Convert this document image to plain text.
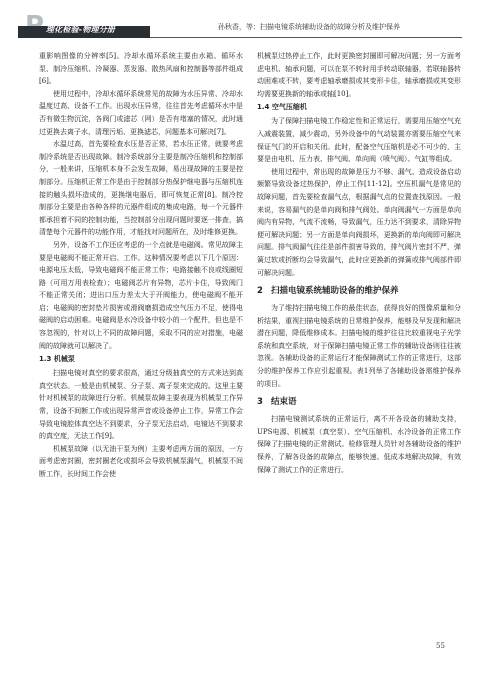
理化检验-物理分册	孙秋香，等：扫描电镜系统辅助设备的故障分析及维护保养

重影响图像的分辨率[5]。冷却水循环系统主要由水箱、循环水泵、制冷压缩机、冷凝器、蒸发器、散热风扇和控制器等部件组成[6]。

使用过程中，冷却水循环系统常见的故障为水压异常、冷却水温度过高、设备不工作。出现水压异常，往往首先考虑循环水中是否有微生物沉淀，各阀门或滤芯（网）是否有堵塞的情况，此时通过更换去离子水、清理污垢、更换滤芯，问题基本可解决[7]。

水温过高，首先要检查水压是否正常，若水压正常，就要考虑制冷系统是否出现故障。制冷系统部分主要是制冷压缩机和控制部分，一般来讲，压缩机本身不会发生故障，易出现故障的主要是控制部分。压缩机正常工作是由于控制部分热保护继电器与压缩机连接的触头损坏造成的，更换继电器后，即可恢复正常[8]。制冷控制部分主要是由各种各样的元器件组成的集成电路，每一个元器件都承担着不同的控制功能，当控制部分出现问题时要逐一排查，搞清楚每个元器件的功能作用，才能找对问题所在，及时维修更换。

另外，设备不工作还应考虑的一个点就是电磁阀。常见故障主要是电磁阀不能正常开启、工作。这种情况要考虑以下几个原因：电源电压太低，导致电磁阀不能正常工作；电路接触不良或线圈短路（可用万用表检查）；电磁阀芯片有异物，芯片卡住，导致阀门不能正常关闭；进出口压力差太大于开阀能力，使电磁阀不能开启；电磁阀的密封垫片损害或滑阀磨损造成空气压力不足，使得电磁阀的启动困难。电磁阀是水冷设备中较小的一个配件，但也是不容忽视的，针对以上不同的故障问题，采取不同的应对措施，电磁阀的故障就可以解决了。

1.3 机械泵

扫描电镜对真空的要求很高，通过分级抽真空的方式来达到高真空状态。一般是由机械泵、分子泵、离子泵来完成的。这里主要针对机械泵的故障进行分析。机械泵故障主要表现为机械泵工作异常，设备不间断工作或出现异常声音或设备停止工作，异常工作会导致电镜腔体真空达不到要求，分子泵无法启动，电镜达不到要求的真空度，无法工作[9]。

机械泵故障（以无油干泵为例）主要考虑两方面的原因，一方面考虑密封圈，密封圈老化或损坏会导致机械泵漏气，机械泵不间断工作，长时间工作会使

机械泵过热停止工作，此时更换密封圈即可解决问题；另一方面考虑电机、轴承问题，可以在泵不转时用手转动联轴器，若联轴器转动困难或不转，要考虑轴承磨损或其变形卡住，轴承磨损或其变形均需要更换新的轴承或轴[10]。

1.4 空气压缩机

为了保障扫描电镜工作稳定性和正常运行，需要用压缩空气充入减震装置，减少震动，另外设备中的气动装置亦需要压缩空气来保证气门的开启和关闭。此时，配备空气压缩机是必不可少的，主要是由电机、压力表、排气阀、单向阀（喷气阀）、气缸等组成。

使用过程中，常出现的故障是压力不够、漏气、造成设备启动频繁导致设备过热保护，停止工作[11-12]。空压机漏气是常见的故障问题，首先要检查漏气点，根据漏气点的位置查找原因。一般来说，容易漏气的是单向阀和排气阀处。单向阀漏气一方面是单向阀内有异物，气流不流畅，导致漏气，压力达不到要求，清除异物便可解决问题；另一方面是单向阀损坏，更换新的单向阀即可解决问题。排气阀漏气往往是部件损害导致的，排气阀片密封不严，弹簧过软或折断均会导致漏气，此时应更换新的弹簧或排气阀部件即可解决问题。

2 扫描电镜系统辅助设备的维护保养

为了维持扫描电镜工作的最佳状态，获得良好的图像质量和分析结果，重视扫描电镜系统的日常维护保养，能够及早发现和解决潜在问题，降低维修成本。扫描电镜的维护往往比较重视电子光学系统和真空系统，对于保障扫描电镜正常工作的辅助设备则往往被忽视。各辅助设备的正常运行才能保障测试工作的正常进行，这部分的维护保养工作应引起重视。表1列举了各辅助设备需维护保养的项目。

3 结束语

扫描电镜测试系统的正常运行，离不开各设备的辅助支持，UPS电源、机械泵（真空泵）、空气压缩机、水冷设备的正常工作保障了扫描电镜的正常测试。检修管理人员针对各辅助设备的维护保养，了解各设备的故障点，能够快速、低成本地解决故障，有效保障了测试工作的正常进行。

55
